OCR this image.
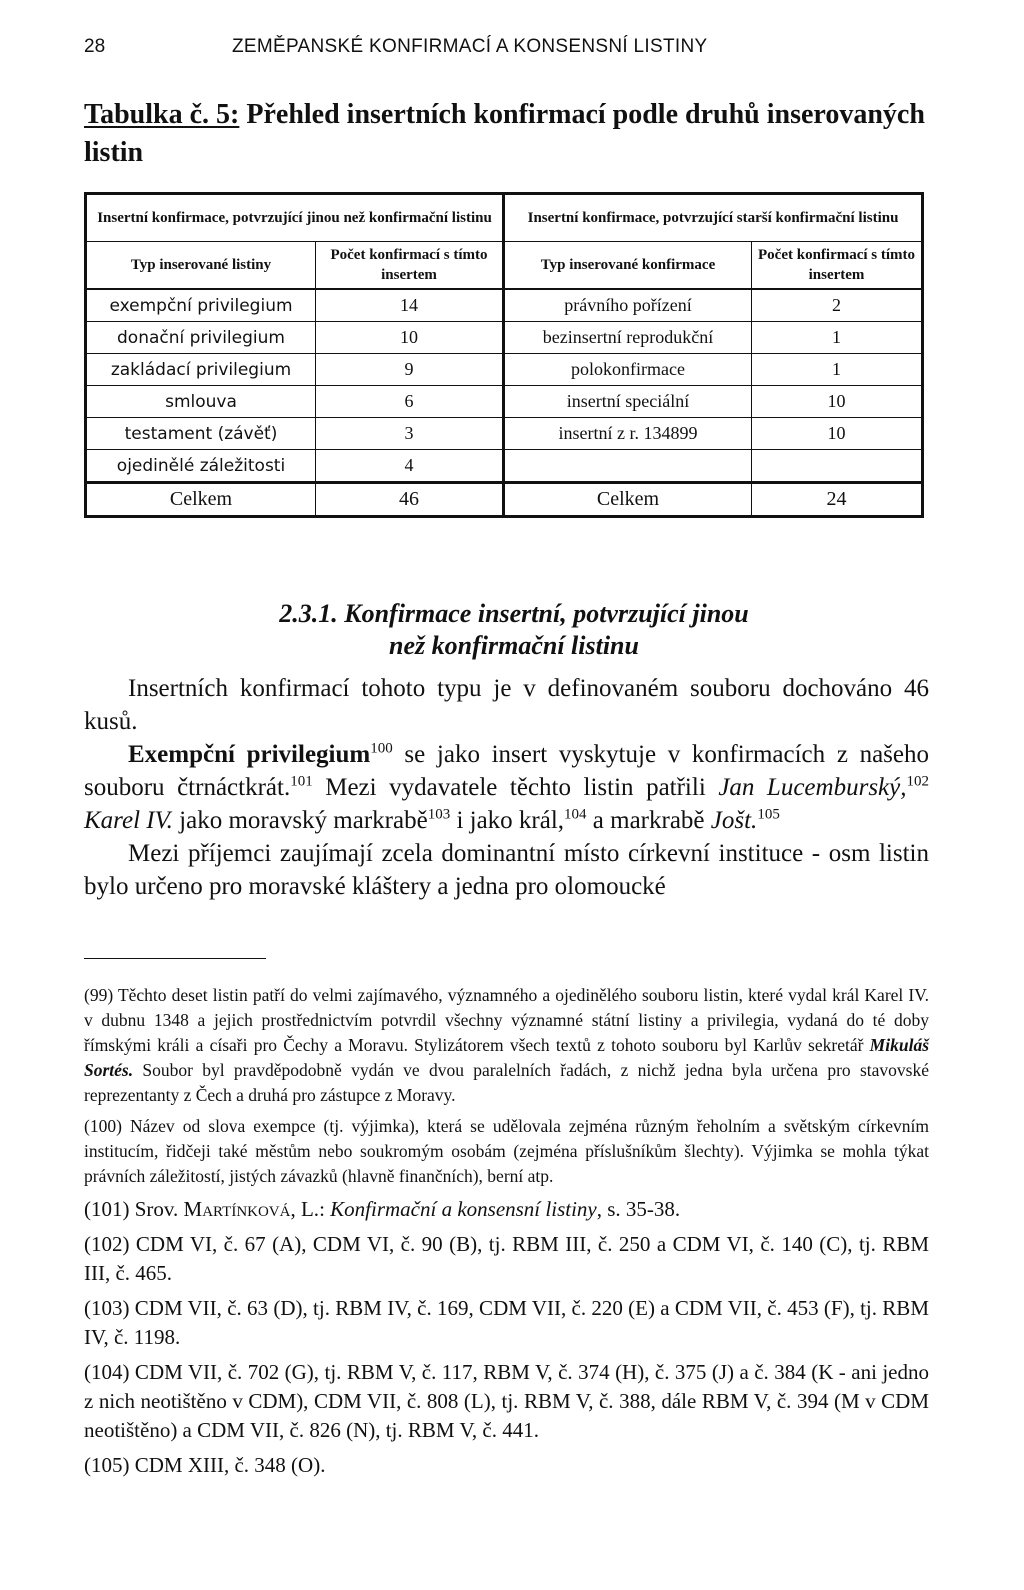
28	ZEMĚPANSKÉ KONFIRMACÍ A KONSENSNÍ LISTINY
Tabulka č. 5: Přehled insertních konfirmací podle druhů inserovaných listin
Insertní konfirmace, potvrzující jinou než konfirmační listinu		Insertní konfirmace, potvrzující starší konfirmační listinu	
Typ inserované listiny	Počet konfirmací s tímto insertem	Typ inserované konfirmace	Počet konfirmací s tímto insertem
exempční privilegium	14	právního pořízení	2
donační privilegium	10	bezinsertní reprodukční	1
zakládací privilegium	9	polokonfirmace	1
smlouva	6	insertní speciální	10
testament (závěť)	3	insertní z r. 134899	10
ojedinělé záležitosti	4		
Celkem	46	Celkem	24
2.3.1. Konfirmace insertní, potvrzující jinou
než konfirmační listinu

Insertních konfirmací tohoto typu je v definovaném souboru dochováno 46 kusů.

Exempční privilegium$^{100}$ se jako insert vyskytuje v konfirmacích z našeho souboru čtrnáctkrát.$^{101}$ Mezi vydavatele těchto listin patřili Jan Lucemburský,$^{102}$ Karel IV. jako moravský markrabě$^{103}$ i jako král,$^{104}$ a markrabě Jošt.$^{105}$

Mezi příjemci zaujímají zcela dominantní místo církevní instituce - osm listin bylo určeno pro moravské kláštery a jedna pro olomoucké

(99) Těchto deset listin patří do velmi zajímavého, významného a ojedinělého souboru listin, které vydal král Karel IV. v dubnu 1348 a jejich prostřednictvím potvrdil všechny významné státní listiny a privilegia, vydaná do té doby římskými králi a císaři pro Čechy a Moravu. Stylizátorem všech textů z tohoto souboru byl Karlův sekretář Mikuláš Sortés. Soubor byl pravděpodobně vydán ve dvou paralelních řadách, z nichž jedna byla určena pro stavovské reprezentanty z Čech a druhá pro zástupce z Moravy.

(100) Název od slova exempce (tj. výjimka), která se udělovala zejména různým řeholním a světským církevním institucím, řidčeji také městům nebo soukromým osobám (zejména příslušníkům šlechty). Výjimka se mohla týkat právních záležitostí, jistých závazků (hlavně finančních), berní atp.

(101) Srov. Martínková, L.: Konfirmační a konsensní listiny, s. 35-38.

(102) CDM VI, č. 67 (A), CDM VI, č. 90 (B), tj. RBM III, č. 250 a CDM VI, č. 140 (C), tj. RBM III, č. 465.

(103) CDM VII, č. 63 (D), tj. RBM IV, č. 169, CDM VII, č. 220 (E) a CDM VII, č. 453 (F), tj. RBM IV, č. 1198.

(104) CDM VII, č. 702 (G), tj. RBM V, č. 117, RBM V, č. 374 (H), č. 375 (J) a č. 384 (K - ani jedno z nich neotištěno v CDM), CDM VII, č. 808 (L), tj. RBM V, č. 388, dále RBM V, č. 394 (M v CDM neotištěno) a CDM VII, č. 826 (N), tj. RBM V, č. 441.

(105) CDM XIII, č. 348 (O).
